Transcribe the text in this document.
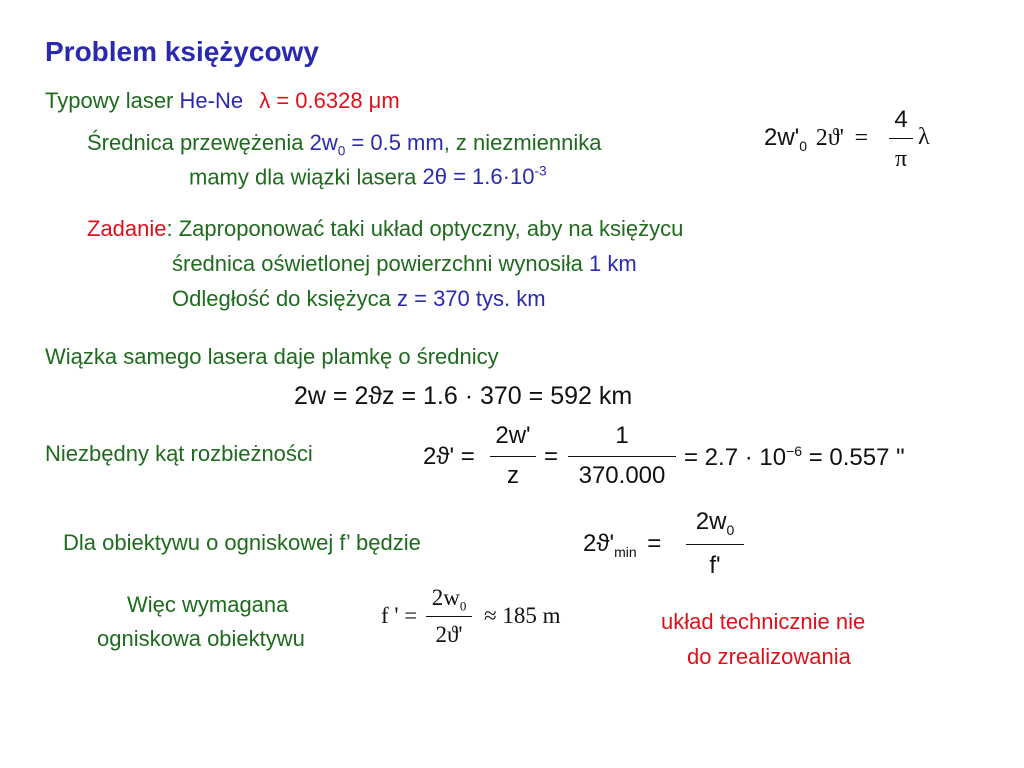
Problem księżycowy
Typowy laser He-Ne λ = 0.6328 μm
Średnica przewężenia $2w_0 = 0.5$ mm, z niezmiennika
mamy dla wiązki lasera $2\theta = 1.6\cdot 10^{-3}$
$2w'_0$ 2ϑ' =
4
π
λ
Zadanie: Zaproponować taki układ optyczny, aby na księżycu
średnica oświetlonej powierzchni wynosiła 1 km
Odległość do księżyca z = 370 tys. km
Wiązka samego lasera daje plamkę o średnicy
2w = 2ϑz = 1.6 · 370 = 592 km
Niezbędny kąt rozbieżności	2ϑ' =
2w'
z
=
1
370.000
= $2.7 \cdot 10^{-6} = 0.557$ "
Dla obiektywu o ogniskowej f’ będzie	$2ϑ'_{min}$ =
$2w_0$
f'
Więc wymagana
ogniskowa obiektywu
f ' =
$2w_0$
2ϑ'
≈ 185 m	układ technicznie nie
do zrealizowania
